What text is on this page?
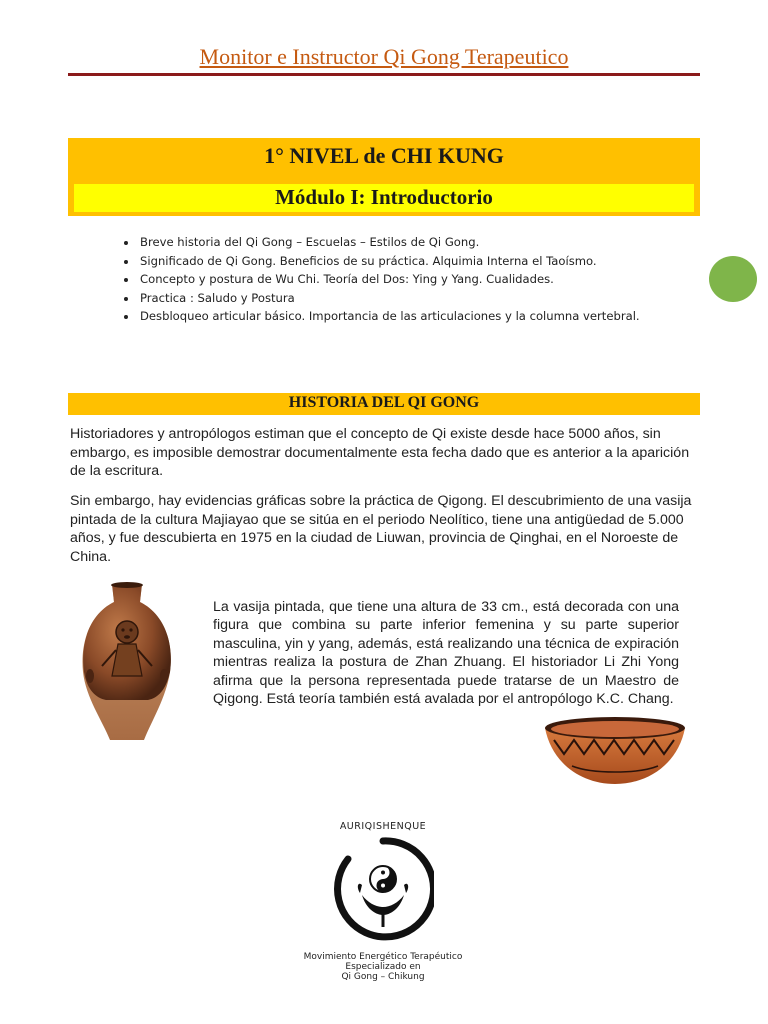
Monitor e Instructor Qi Gong Terapeutico
1° NIVEL de CHI KUNG
Módulo I: Introductorio
• Breve historia del Qi Gong – Escuelas – Estilos de Qi Gong.
• Significado de Qi Gong. Beneficios de su práctica. Alquimia Interna el Taoísmo.
• Concepto y postura de Wu Chi. Teoría del Dos: Ying y Yang. Cualidades.
• Practica : Saludo y Postura
• Desbloqueo articular básico. Importancia de las articulaciones y la columna vertebral.
HISTORIA DEL QI GONG

Historiadores y antropólogos estiman que el concepto de Qi existe desde hace 5000 años, sin embargo, es imposible demostrar documentalmente esta fecha dado que es anterior a la aparición de la escritura.

Sin embargo, hay evidencias gráficas sobre la práctica de Qigong. El descubrimiento de una vasija pintada de la cultura Majiayao que se sitúa en el periodo Neolítico, tiene una antigüedad de 5.000 años, y fue descubierta en 1975 en la ciudad de Liuwan, provincia de Qinghai, en el Noroeste de China.

La vasija pintada, que tiene una altura de 33 cm., está decorada con una figura que combina su parte inferior femenina y su parte superior masculina, yin y yang, además, está realizando una técnica de expiración mientras realiza la postura de Zhan Zhuang. El historiador Li Zhi Yong afirma que la persona representada puede tratarse de un Maestro de Qigong. Está teoría también está avalada por el antropólogo K.C. Chang.

AURIQISHENQUE
Movimiento Energético Terapéutico
Especializado en
Qi Gong – Chikung
